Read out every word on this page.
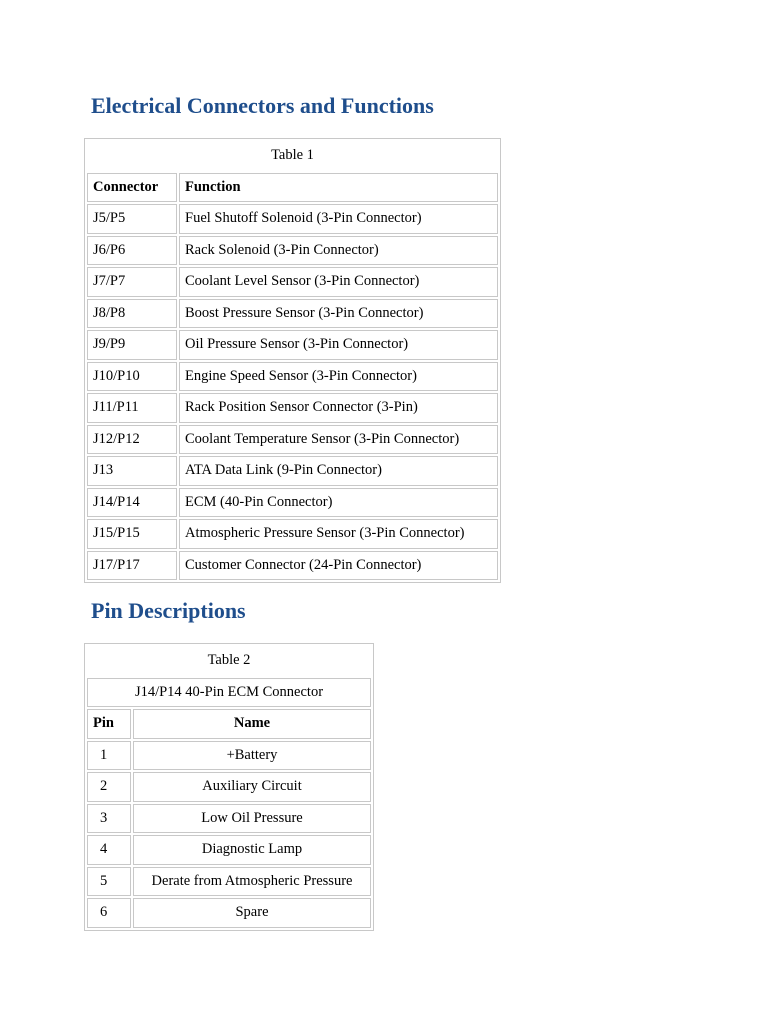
Electrical Connectors and Functions
Table 1	
Connector	Function
J5/P5	Fuel Shutoff Solenoid (3-Pin Connector)
J6/P6	Rack Solenoid (3-Pin Connector)
J7/P7	Coolant Level Sensor (3-Pin Connector)
J8/P8	Boost Pressure Sensor (3-Pin Connector)
J9/P9	Oil Pressure Sensor (3-Pin Connector)
J10/P10	Engine Speed Sensor (3-Pin Connector)
J11/P11	Rack Position Sensor Connector (3-Pin)
J12/P12	Coolant Temperature Sensor (3-Pin Connector)
J13	ATA Data Link (9-Pin Connector)
J14/P14	ECM (40-Pin Connector)
J15/P15	Atmospheric Pressure Sensor (3-Pin Connector)
J17/P17	Customer Connector (24-Pin Connector)
Pin Descriptions
Table 2	
J14/P14 40-Pin ECM Connector	
Pin	Name
1	+Battery
2	Auxiliary Circuit
3	Low Oil Pressure
4	Diagnostic Lamp
5	Derate from Atmospheric Pressure
6	Spare
